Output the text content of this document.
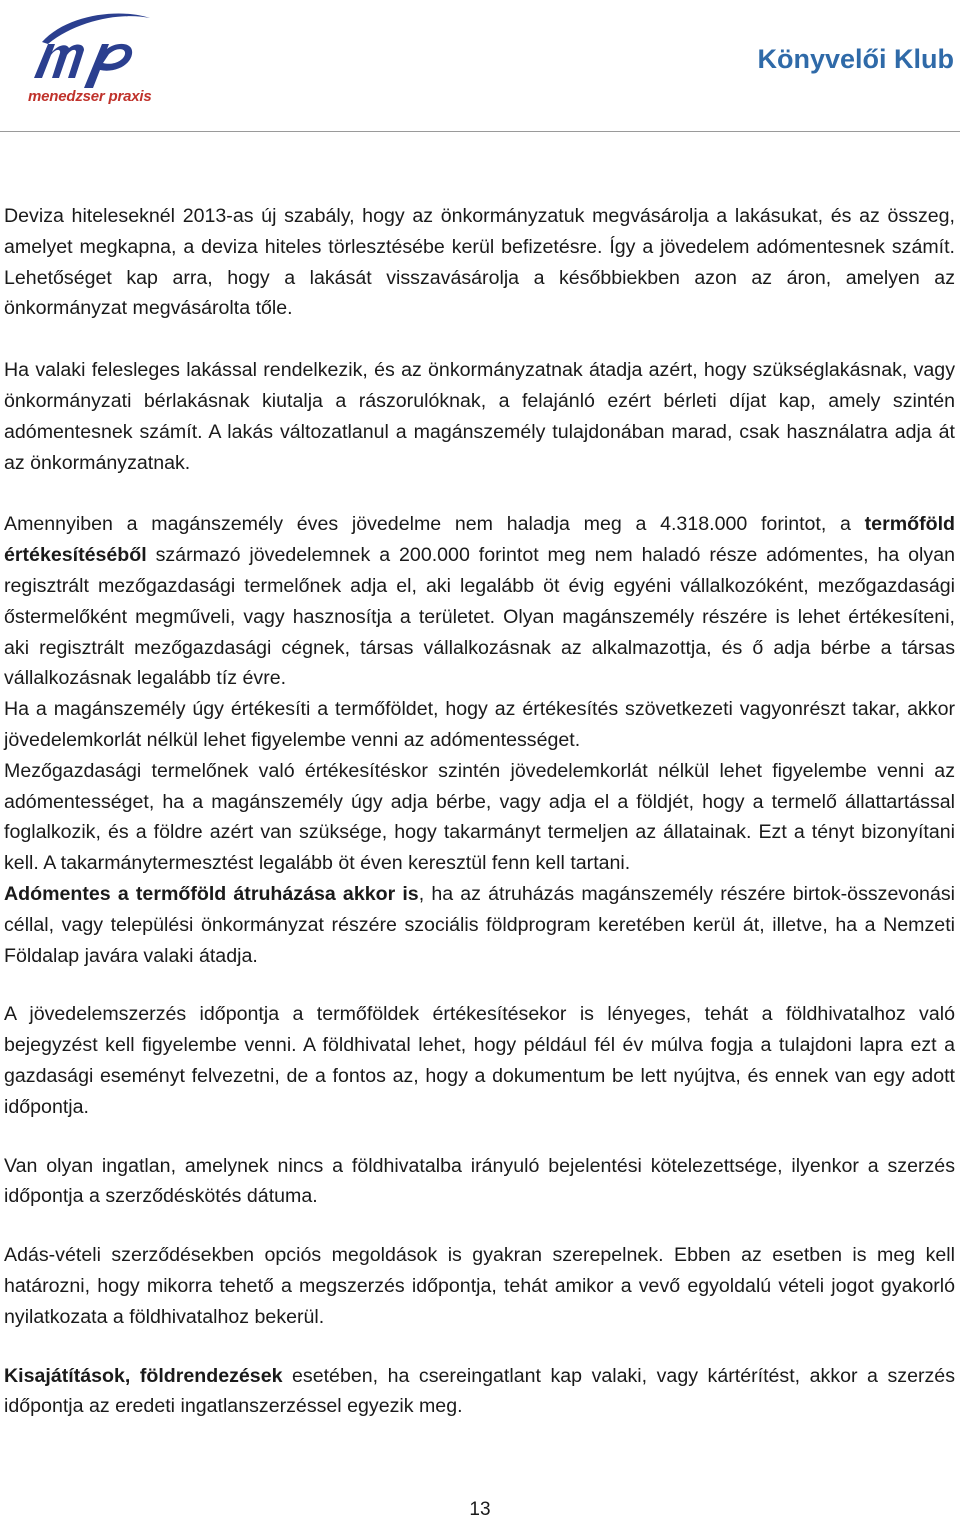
menedzser praxis
Könyvelői Klub

Deviza hiteleseknél 2013-as új szabály, hogy az önkormányzatuk megvásárolja a lakásukat, és az összeg, amelyet megkapna, a deviza hiteles törlesztésébe kerül befizetésre. Így a jövedelem adómentesnek számít. Lehetőséget kap arra, hogy a lakását visszavásárolja a későbbiekben azon az áron, amelyen az önkormányzat megvásárolta tőle.

Ha valaki felesleges lakással rendelkezik, és az önkormányzatnak átadja azért, hogy szükséglakásnak, vagy önkormányzati bérlakásnak kiutalja a rászorulóknak, a felajánló ezért bérleti díjat kap, amely szintén adómentesnek számít. A lakás változatlanul a magánszemély tulajdonában marad, csak használatra adja át az önkormányzatnak.

Amennyiben a magánszemély éves jövedelme nem haladja meg a 4.318.000 forintot, a termőföld értékesítéséből származó jövedelemnek a 200.000 forintot meg nem haladó része adómentes, ha olyan regisztrált mezőgazdasági termelőnek adja el, aki legalább öt évig egyéni vállalkozóként, mezőgazdasági őstermelőként megműveli, vagy hasznosítja a területet. Olyan magánszemély részére is lehet értékesíteni, aki regisztrált mezőgazdasági cégnek, társas vállalkozásnak az alkalmazottja, és ő adja bérbe a társas vállalkozásnak legalább tíz évre.

Ha a magánszemély úgy értékesíti a termőföldet, hogy az értékesítés szövetkezeti vagyonrészt takar, akkor jövedelemkorlát nélkül lehet figyelembe venni az adómentességet.

Mezőgazdasági termelőnek való értékesítéskor szintén jövedelemkorlát nélkül lehet figyelembe venni az adómentességet, ha a magánszemély úgy adja bérbe, vagy adja el a földjét, hogy a termelő állattartással foglalkozik, és a földre azért van szüksége, hogy takarmányt termeljen az állatainak. Ezt a tényt bizonyítani kell. A takarmánytermesztést legalább öt éven keresztül fenn kell tartani.

Adómentes a termőföld átruházása akkor is, ha az átruházás magánszemély részére birtok-összevonási céllal, vagy települési önkormányzat részére szociális földprogram keretében kerül át, illetve, ha a Nemzeti Földalap javára valaki átadja.

A jövedelemszerzés időpontja a termőföldek értékesítésekor is lényeges, tehát a földhivatalhoz való bejegyzést kell figyelembe venni. A földhivatal lehet, hogy például fél év múlva fogja a tulajdoni lapra ezt a gazdasági eseményt felvezetni, de a fontos az, hogy a dokumentum be lett nyújtva, és ennek van egy adott időpontja.

Van olyan ingatlan, amelynek nincs a földhivatalba irányuló bejelentési kötelezettsége, ilyenkor a szerzés időpontja a szerződéskötés dátuma.

Adás-vételi szerződésekben opciós megoldások is gyakran szerepelnek. Ebben az esetben is meg kell határozni, hogy mikorra tehető a megszerzés időpontja, tehát amikor a vevő egyoldalú vételi jogot gyakorló nyilatkozata a földhivatalhoz bekerül.

Kisajátítások, földrendezések esetében, ha csereingatlant kap valaki, vagy kártérítést, akkor a szerzés időpontja az eredeti ingatlanszerzéssel egyezik meg.

13
